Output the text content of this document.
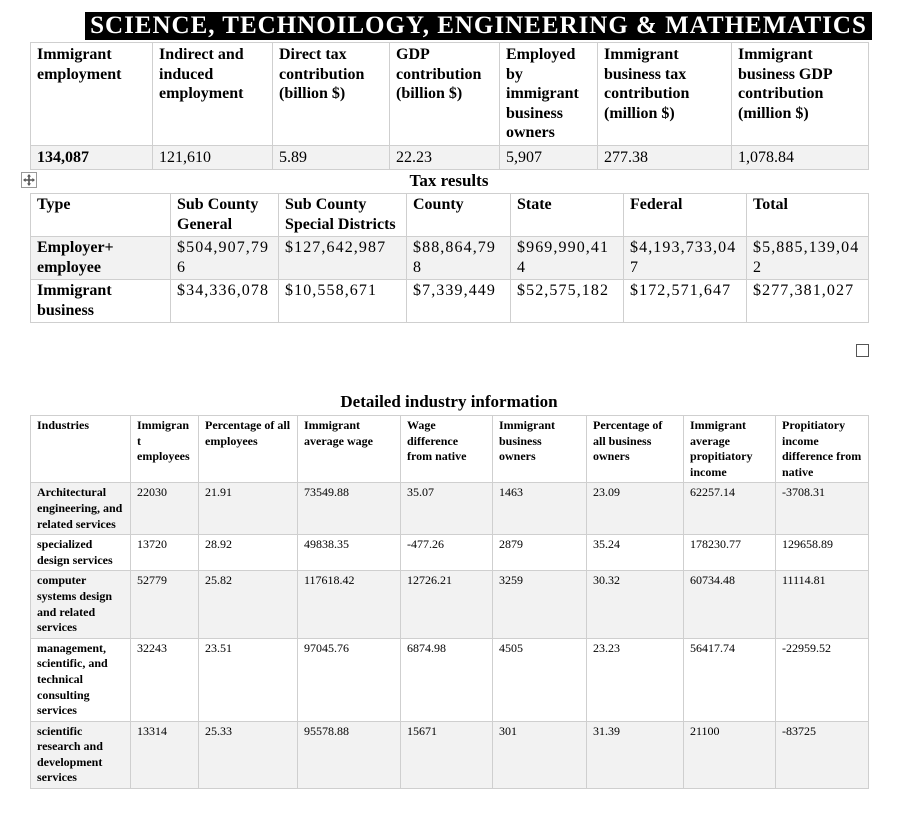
SCIENCE, TECHNOILOGY, ENGINEERING & MATHEMATICS
Immigrant employment	Indirect and induced employment	Direct tax contribution (billion $)	GDP contribution (billion $)	Employed by immigrant business owners	Immigrant business tax contribution (million $)	Immigrant business GDP contribution (million $)
134,087	121,610	5.89	22.23	5,907	277.38	1,078.84
Tax results
Type	Sub County General	Sub County Special Districts	County	State	Federal	Total
Employer+ employee	$504,907,796	$127,642,987	$88,864,798	$969,990,414	$4,193,733,047	$5,885,139,042
Immigrant business	$34,336,078	$10,558,671	$7,339,449	$52,575,182	$172,571,647	$277,381,027
Detailed industry information
Industries	Immigrant employees	Percentage of all employees	Immigrant average wage	Wage difference from native	Immigrant business owners	Percentage of all business owners	Immigrant average propitiatory income	Propitiatory income difference from native
Architectural engineering, and related services	22030	21.91	73549.88	35.07	1463	23.09	62257.14	-3708.31
specialized design services	13720	28.92	49838.35	-477.26	2879	35.24	178230.77	129658.89
computer systems design and related services	52779	25.82	117618.42	12726.21	3259	30.32	60734.48	11114.81
management, scientific, and technical consulting services	32243	23.51	97045.76	6874.98	4505	23.23	56417.74	-22959.52
scientific research and development services	13314	25.33	95578.88	15671	301	31.39	21100	-83725
